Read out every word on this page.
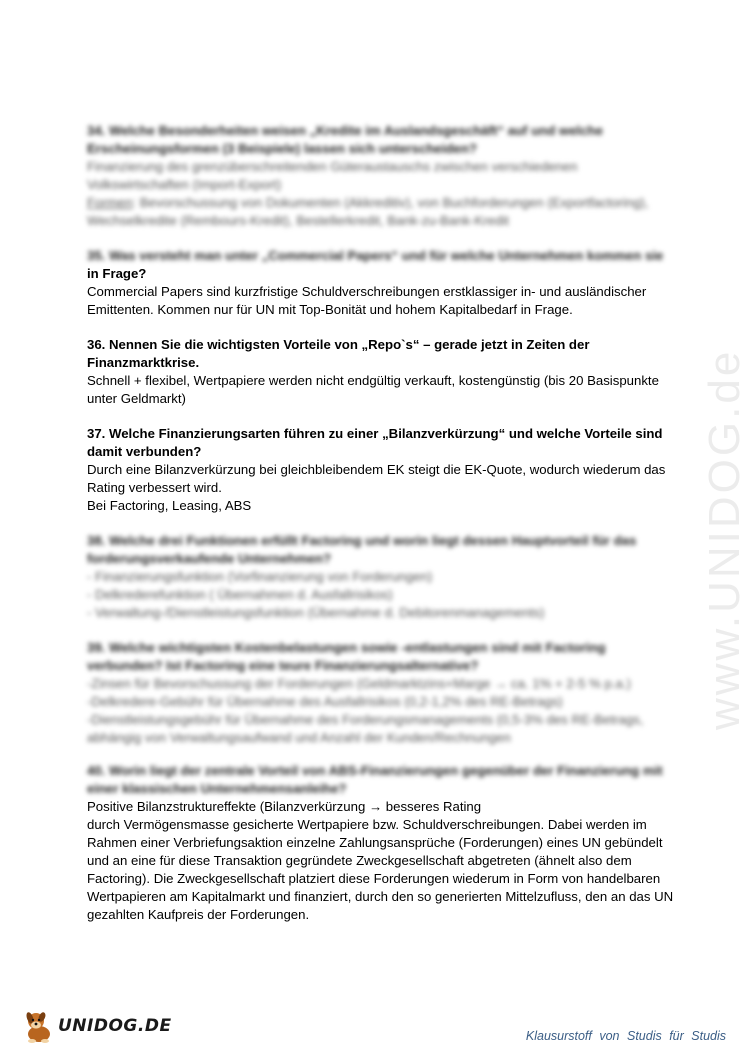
www.UNIDOG.de
34. Welche Besonderheiten weisen „Kredite im Auslandsgeschäft“ auf und welche
Erscheinungsformen (3 Beispiele) lassen sich unterscheiden?
Finanzierung des grenzüberschreitenden Güteraustauschs zwischen verschiedenen
Volkswirtschaften (Import-Export)
Formen: Bevorschussung von Dokumenten (Akkreditiv), von Buchforderungen (Exportfactoring),
Wechselkredite (Rembours-Kredit), Bestellerkredit, Bank-zu-Bank-Kredit
35. Was versteht man unter „Commercial Papers“ und für welche Unternehmen kommen sie
in Frage?
Commercial Papers sind kurzfristige Schuldverschreibungen erstklassiger in- und ausländischer
Emittenten. Kommen nur für UN mit Top-Bonität und hohem Kapitalbedarf in Frage.
36. Nennen Sie die wichtigsten Vorteile von „Repo`s“ – gerade jetzt in Zeiten der
Finanzmarktkrise.
Schnell + flexibel, Wertpapiere werden nicht endgültig verkauft, kostengünstig (bis 20 Basispunkte
unter Geldmarkt)
37. Welche Finanzierungsarten führen zu einer „Bilanzverkürzung“ und welche Vorteile sind
damit verbunden?
Durch eine Bilanzverkürzung bei gleichbleibendem EK steigt die EK-Quote, wodurch wiederum das
Rating verbessert wird.
Bei Factoring, Leasing, ABS
38. Welche drei Funktionen erfüllt Factoring und worin liegt dessen Hauptvorteil für das
forderungsverkaufende Unternehmen?
- Finanzierungsfunktion (Vorfinanzierung von Forderungen)
- Delkrederefunktion ( Übernahmen d. Ausfallrisikos)
- Verwaltung-/Dienstleistungsfunktion (Übernahme d. Debitorenmanagements)
39. Welche wichtigsten Kostenbelastungen sowie -entlastungen sind mit Factoring
verbunden? Ist Factoring eine teure Finanzierungsalternative?
-Zinsen für Bevorschussung der Forderungen (Geldmarktzins+Marge → ca. 1% + 2-5 % p.a.)
-Delkredere-Gebühr für Übernahme des Ausfallrisikos (0,2-1,2% des RE-Betrags)
-Dienstleistungsgebühr für Übernahme des Forderungsmanagements (0,5-3% des RE-Betrags,
abhängig von Verwaltungsaufwand und Anzahl der Kunden/Rechnungen
40. Worin liegt der zentrale Vorteil von ABS-Finanzierungen gegenüber der Finanzierung mit
einer klassischen Unternehmensanleihe?
Positive Bilanzstruktureffekte (Bilanzverkürzung → besseres Rating
durch Vermögensmasse gesicherte Wertpapiere bzw. Schuldverschreibungen. Dabei werden im
Rahmen einer Verbriefungsaktion einzelne Zahlungsansprüche (Forderungen) eines UN gebündelt
und an eine für diese Transaktion gegründete Zweckgesellschaft abgetreten (ähnelt also dem
Factoring). Die Zweckgesellschaft platziert diese Forderungen wiederum in Form von handelbaren
Wertpapieren am Kapitalmarkt und finanziert, durch den so generierten Mittelzufluss, den an das UN
gezahlten Kaufpreis der Forderungen.
UNIDOG.DE	Klausurstoff von Studis für Studis
